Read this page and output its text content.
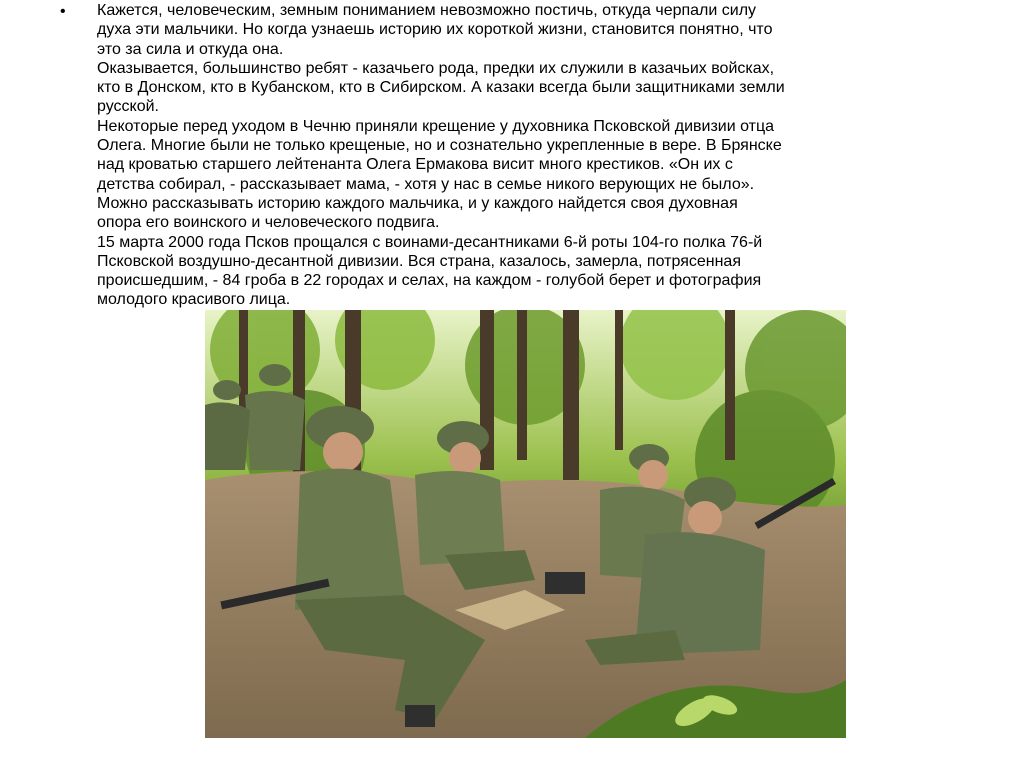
• Кажется, человеческим, земным пониманием невозможно постичь, откуда черпали силу
духа эти мальчики. Но когда узнаешь историю их короткой жизни, становится понятно, что
это за сила и откуда она.
Оказывается, большинство ребят - казачьего рода, предки их служили в казачьих войсках,
кто в Донском, кто в Кубанском, кто в Сибирском. А казаки всегда были защитниками земли
русской.
Некоторые перед уходом в Чечню приняли крещение у духовника Псковской дивизии отца
Олега. Многие были не только крещеные, но и сознательно укрепленные в вере. В Брянске
над кроватью старшего лейтенанта Олега Ермакова висит много крестиков. «Он их с
детства собирал, - рассказывает мама, - хотя у нас в семье никого верующих не было».
Можно рассказывать историю каждого мальчика, и у каждого найдется своя духовная
опора его воинского и человеческого подвига.
15 марта 2000 года Псков прощался с воинами-десантниками 6-й роты 104-го полка 76-й
Псковской воздушно-десантной дивизии. Вся страна, казалось, замерла, потрясенная
происшедшим, - 84 гроба в 22 городах и селах, на каждом - голубой берет и фотография
молодого красивого лица.
